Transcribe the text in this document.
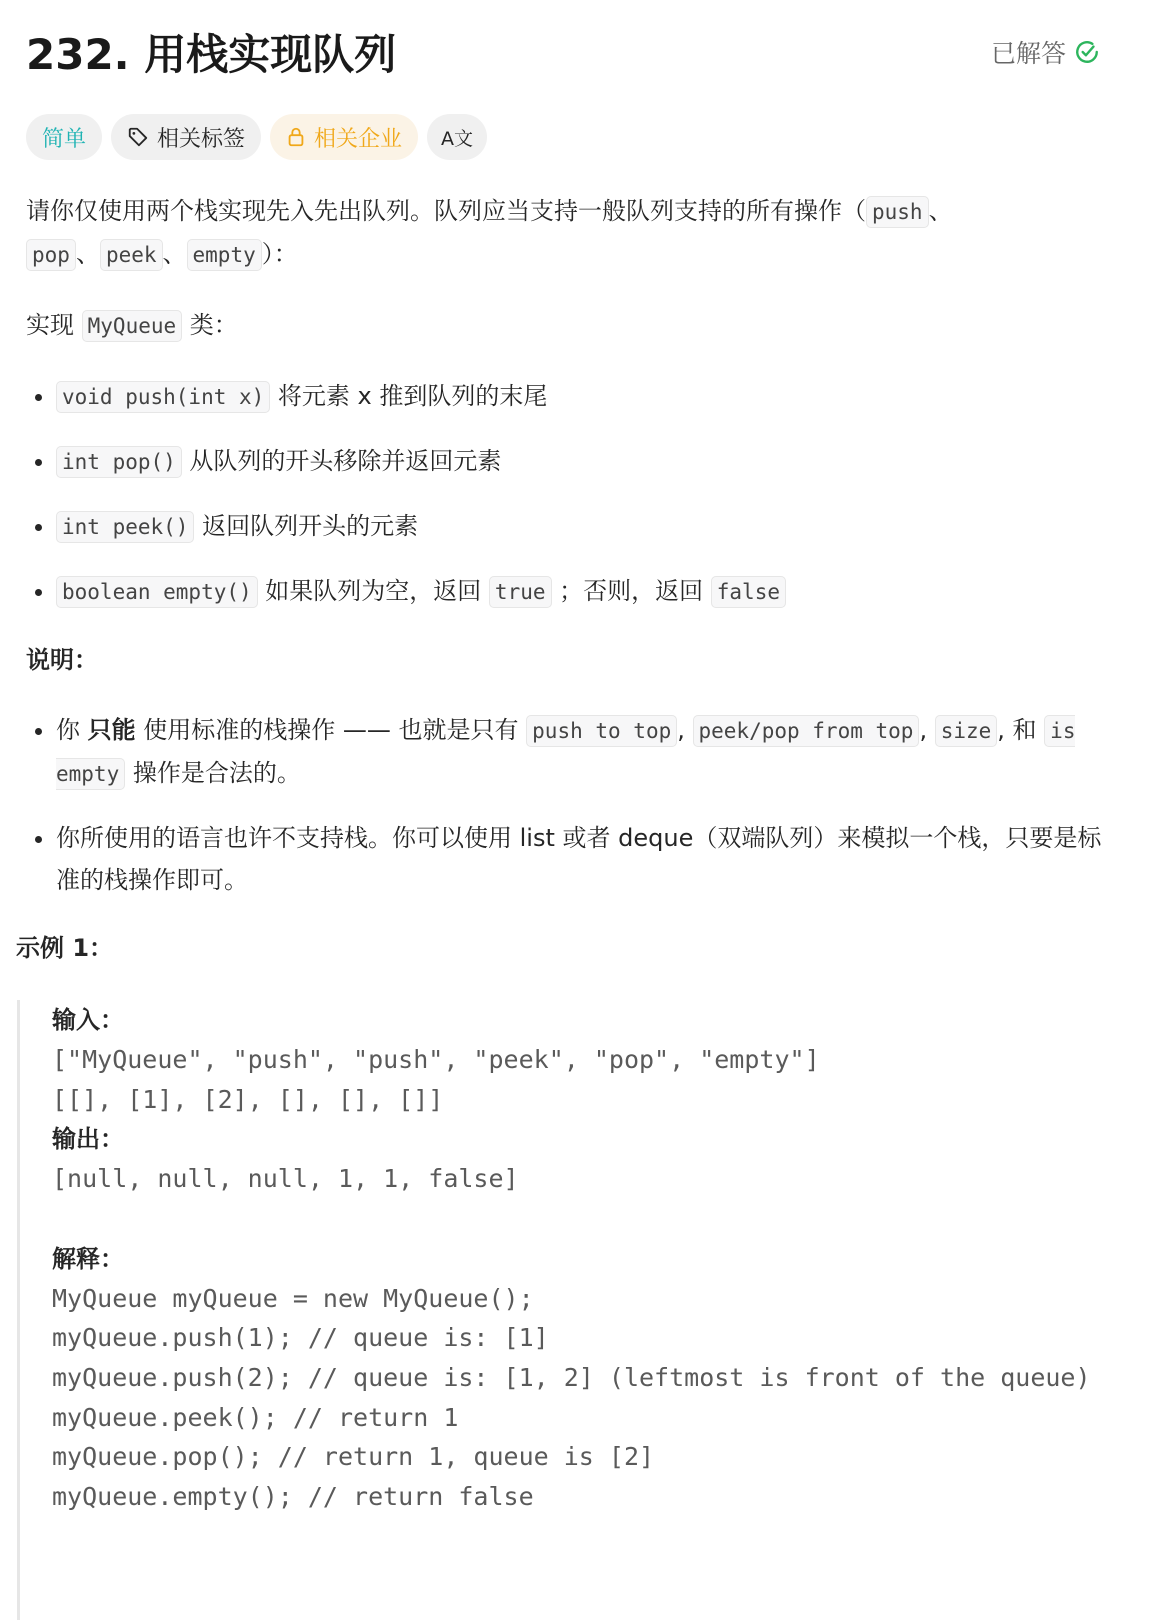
232. 用栈实现队列	已解答
简单	相关标签	相关企业	A文

请你仅使用两个栈实现先入先出队列。队列应当支持一般队列支持的所有操作（ push 、
pop 、 peek 、 empty ）：

实现 MyQueue 类：

• void push(int x) 将元素 x 推到队列的末尾
• int pop() 从队列的开头移除并返回元素
• int peek() 返回队列开头的元素
• boolean empty() 如果队列为空，返回 true ；否则，返回 false

说明：

• 你 只能 使用标准的栈操作 —— 也就是只有 push to top , peek/pop from top , size , 和 is empty 操作是合法的。
• 你所使用的语言也许不支持栈。你可以使用 list 或者 deque（双端队列）来模拟一个栈，只要是标准的栈操作即可。
示例 1：
输入：
["MyQueue", "push", "push", "peek", "pop", "empty"]
[[], [1], [2], [], [], []]
输出：
[null, null, null, 1, 1, false]
解释：
MyQueue myQueue = new MyQueue();
myQueue.push(1); // queue is: [1]
myQueue.push(2); // queue is: [1, 2] (leftmost is front of the queue)
myQueue.peek(); // return 1
myQueue.pop(); // return 1, queue is [2]
myQueue.empty(); // return false
